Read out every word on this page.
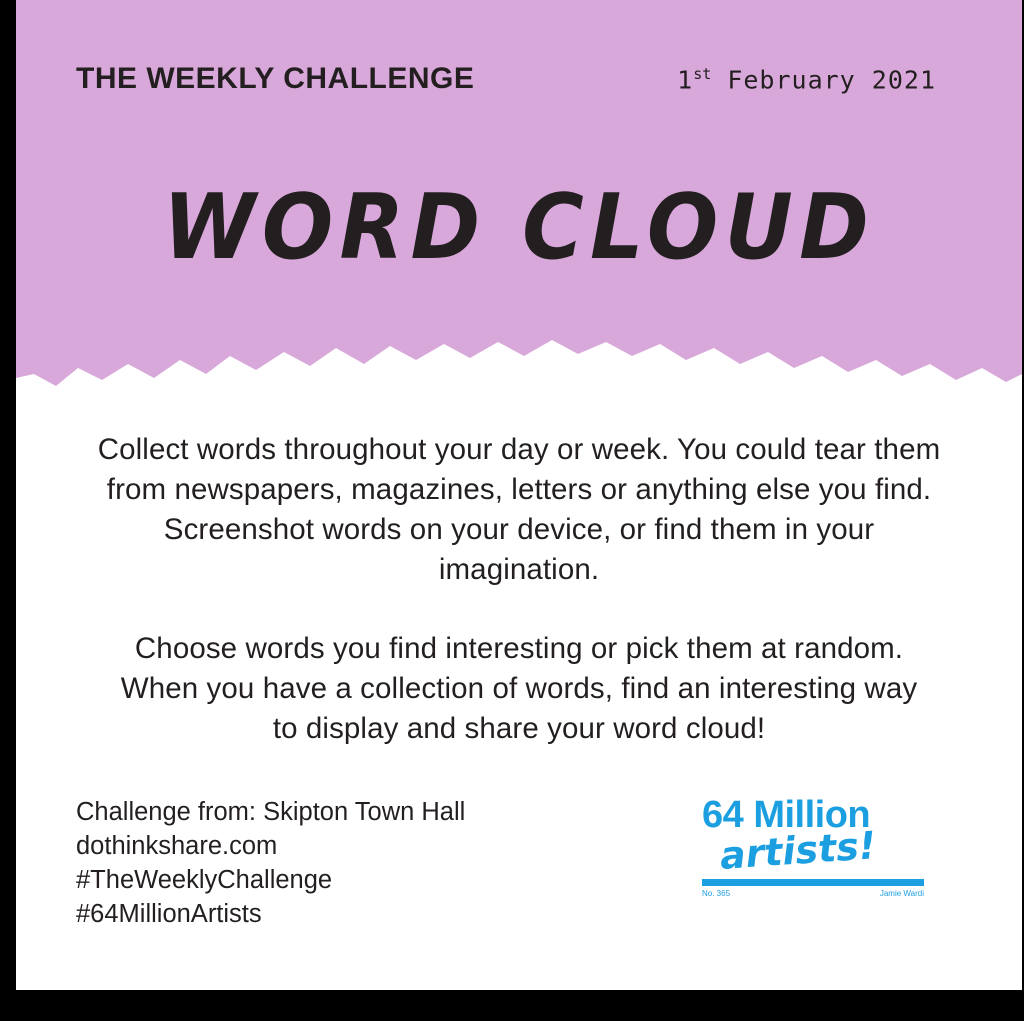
THE WEEKLY CHALLENGE	1st February 2021
WORD CLOUD

Collect words throughout your day or week. You could tear them from newspapers, magazines, letters or anything else you find. Screenshot words on your device, or find them in your imagination.

Choose words you find interesting or pick them at random. When you have a collection of words, find an interesting way to display and share your word cloud!

Challenge from: Skipton Town Hall
dothinkshare.com
#TheWeeklyChallenge
#64MillionArtists
64 Million
artists!
No. 365	Jamie Wardi
